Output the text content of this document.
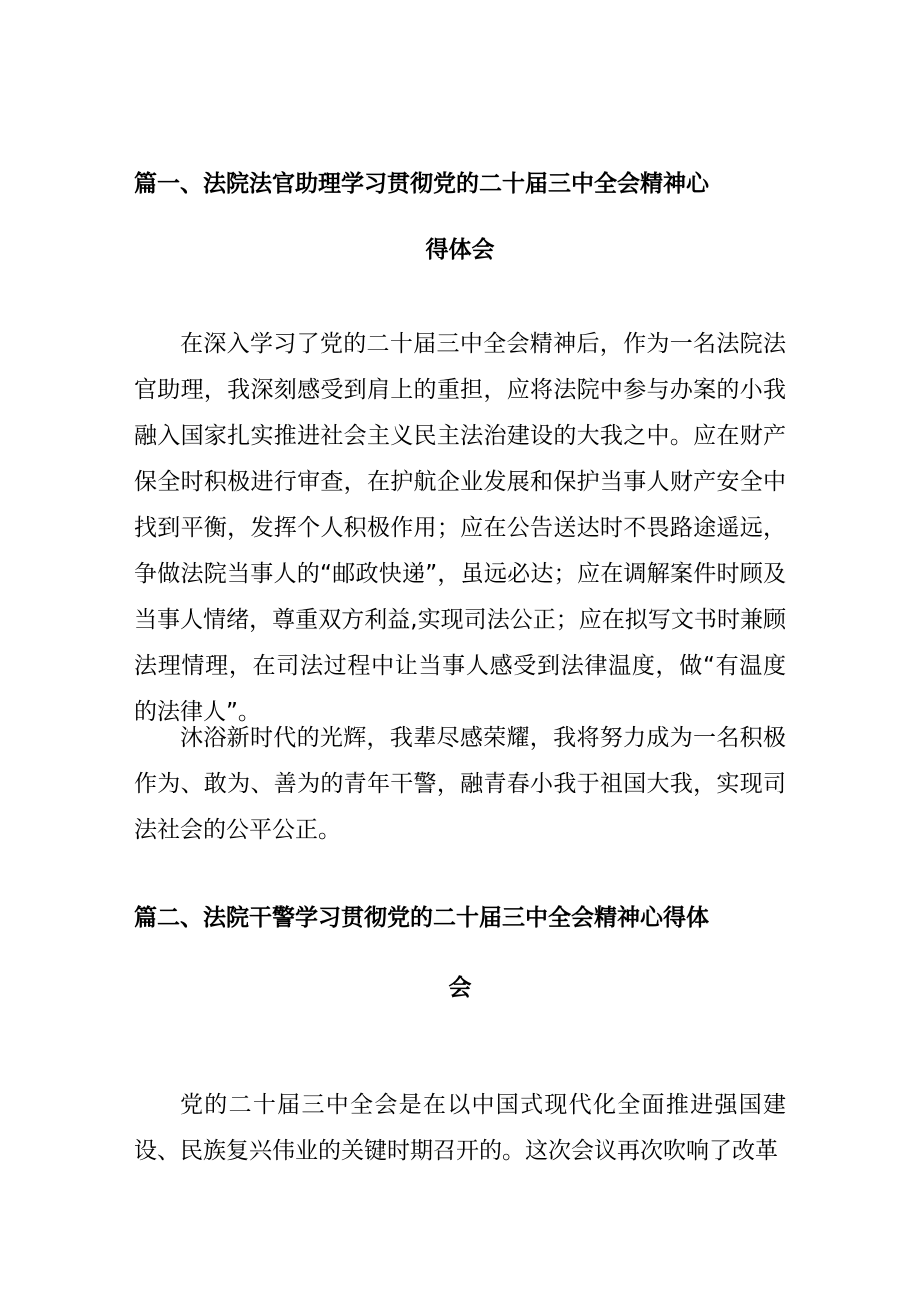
篇一、法院法官助理学习贯彻党的二十届三中全会精神心
得体会

在深入学习了党的二十届三中全会精神后，作为一名法院法官助理，我深刻感受到肩上的重担，应将法院中参与办案的小我融入国家扎实推进社会主义民主法治建设的大我之中。应在财产保全时积极进行审查，在护航企业发展和保护当事人财产安全中找到平衡，发挥个人积极作用；应在公告送达时不畏路途遥远，争做法院当事人的“邮政快递”，虽远必达；应在调解案件时顾及当事人情绪，尊重双方利益,实现司法公正；应在拟写文书时兼顾法理情理，在司法过程中让当事人感受到法律温度，做“有温度的法律人”。

沐浴新时代的光辉，我辈尽感荣耀，我将努力成为一名积极作为、敢为、善为的青年干警，融青春小我于祖国大我，实现司法社会的公平公正。

篇二、法院干警学习贯彻党的二十届三中全会精神心得体
会

党的二十届三中全会是在以中国式现代化全面推进强国建设、民族复兴伟业的关键时期召开的。这次会议再次吹响了改革
